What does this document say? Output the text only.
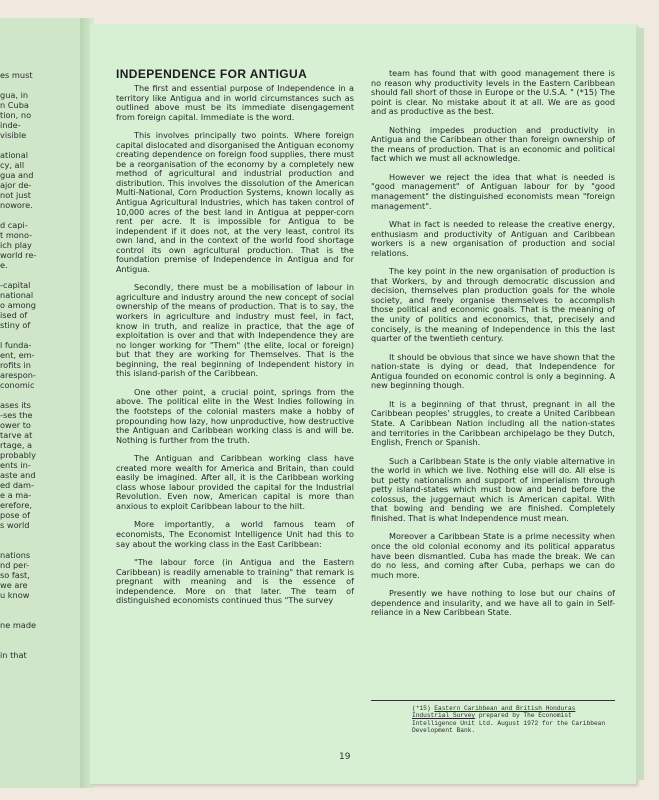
es must

gua, in
n Cuba
tion, no
inde-
visible

ational
cy, all
gua and
ajor de-
not just
nowore.

d capi-
t mono-
ich play
world re-
e.

-capital
national
o among
ised of
stiny of

l funda-
ent, em-
rofits in
arespon-
conomic

ases its
-ses the
ower to
tarve at
rtage, a
probably
ents in-
aste and
ed dam-
e a ma-
erefore,
pose of
s world

nations
nd per-
so fast,
we are
u know

ne made

in that
INDEPENDENCE FOR ANTIGUA

The first and essential purpose of Independence in a territory like Antigua and in world circumstances such as outlined above must be its immediate disengagement from foreign capital. Immediate is the word.

This involves principally two points. Where foreign capital dislocated and disorganised the Antiguan economy creating dependence on foreign food supplies, there must be a reorganisation of the economy by a completely new method of agricultural and industrial production and distribution. This involves the dissolution of the American Multi-National, Corn Production Systems, known locally as Antigua Agricultural Industries, which has taken control of 10,000 acres of the best land in Antigua at pepper-corn rent per acre. It is impossible for Antigua to be independent if it does not, at the very least, control its own land, and in the context of the world food shortage control its own agricultural production. That is the foundation premise of Independence in Antigua and for Antigua.

Secondly, there must be a mobilisation of labour in agriculture and industry around the new concept of social ownership of the means of production. That is to say, the workers in agriculture and industry must feel, in fact, know in truth, and realize in practice, that the age of exploitation is over and that with Independence they are no longer working for "Them" (the elite, local or foreign) but that they are working for Themselves. That is the beginning, the real beginning of Independent history in this island-parish of the Caribbean.

One other point, a crucial point, springs from the above. The political elite in the West Indies following in the footsteps of the colonial masters make a hobby of propounding how lazy, how unproductive, how destructive the Antiguan and Caribbean working class is and will be. Nothing is further from the truth.

The Antiguan and Caribbean working class have created more wealth for America and Britain, than could easily be imagined. After all, it is the Caribbean working class whose labour provided the capital for the Industrial Revolution. Even now, American capital is more than anxious to exploit Caribbean labour to the hilt.

More importantly, a world famous team of economists, The Economist Intelligence Unit had this to say about the working class in the East Caribbean:

"The labour force (in Antigua and the Eastern Caribbean) is readily amenable to training" that remark is pregnant with meaning and is the essence of independence. More on that later. The team of distinguished economists continued thus "The survey

team has found that with good management there is no reason why productivity levels in the Eastern Caribbean should fall short of those in Europe or the U.S.A. " (*15) The point is clear. No mistake about it at all. We are as good and as productive as the best.

Nothing impedes production and productivity in Antigua and the Caribbean other than foreign ownership of the means of production. That is an economic and political fact which we must all acknowledge.

However we reject the idea that what is needed is "good management" of Antiguan labour for by "good management" the distinguished economists mean "foreign management".

What in fact is needed to release the creative energy, enthusiasm and productivity of Antiguan and Caribbean workers is a new organisation of production and social relations.

The key point in the new organisation of production is that Workers, by and through democratic discussion and decision, themselves plan production goals for the whole society, and freely organise themselves to accomplish those political and economic goals. That is the meaning of the unity of politics and economics, that, precisely and concisely, is the meaning of Independence in this the last quarter of the twentieth century.

It should be obvious that since we have shown that the nation-state is dying or dead, that Independence for Antigua founded on economic control is only a beginning. A new beginning though.

It is a beginning of that thrust, pregnant in all the Caribbean peoples' struggles, to create a United Caribbean State. A Caribbean Nation including all the nation-states and territories in the Caribbean archipelago be they Dutch, English, French or Spanish.

Such a Caribbean State is the only viable alternative in the world in which we live. Nothing else will do. All else is but petty nationalism and support of imperialism through petty island-states which must bow and bend before the colossus, the juggernaut which is American capital. With that bowing and bending we are finished. Completely finished. That is what Independence must mean.

Moreover a Caribbean State is a prime necessity when once the old colonial economy and its political apparatus have been dismantled. Cuba has made the break. We can do no less, and coming after Cuba, perhaps we can do much more.

Presently we have nothing to lose but our chains of dependence and insularity, and we have all to gain in Self-reliance in a New Caribbean State.

(*15) Eastern Caribbean and British Honduras Industrial Survey prepared by The Economist Intelligence Unit Ltd. August 1972 for the Caribbean Development Bank.
19
